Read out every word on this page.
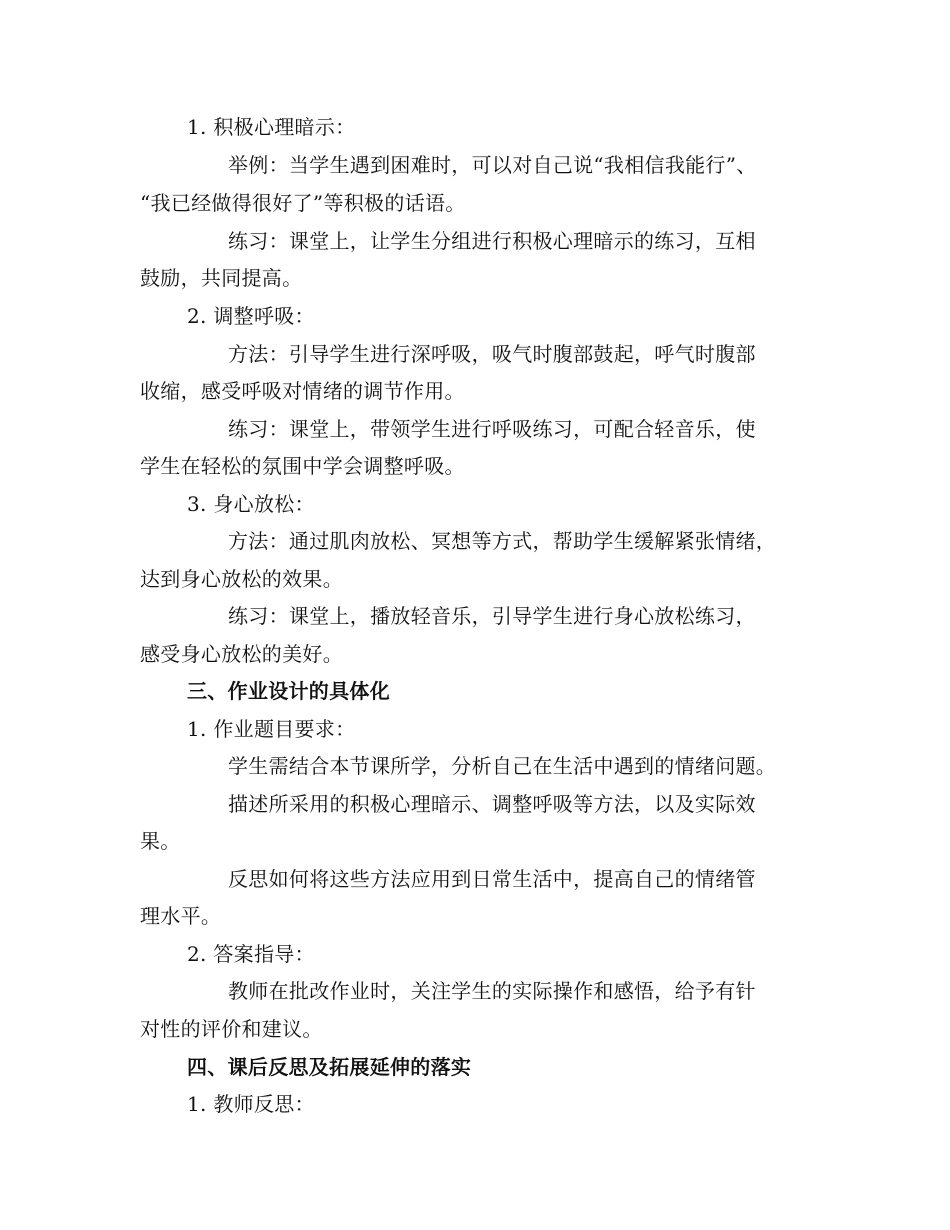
1. 积极心理暗示：
举例：当学生遇到困难时，可以对自己说“我相信我能行”、
“我已经做得很好了”等积极的话语。
练习：课堂上，让学生分组进行积极心理暗示的练习，互相
鼓励，共同提高。
2. 调整呼吸：
方法：引导学生进行深呼吸，吸气时腹部鼓起，呼气时腹部
收缩，感受呼吸对情绪的调节作用。
练习：课堂上，带领学生进行呼吸练习，可配合轻音乐，使
学生在轻松的氛围中学会调整呼吸。
3. 身心放松：
方法：通过肌肉放松、冥想等方式，帮助学生缓解紧张情绪，
达到身心放松的效果。
练习：课堂上，播放轻音乐，引导学生进行身心放松练习，
感受身心放松的美好。
三、作业设计的具体化
1. 作业题目要求：
学生需结合本节课所学，分析自己在生活中遇到的情绪问题。
描述所采用的积极心理暗示、调整呼吸等方法，以及实际效
果。
反思如何将这些方法应用到日常生活中，提高自己的情绪管
理水平。
2. 答案指导：
教师在批改作业时，关注学生的实际操作和感悟，给予有针
对性的评价和建议。
四、课后反思及拓展延伸的落实
1. 教师反思：
